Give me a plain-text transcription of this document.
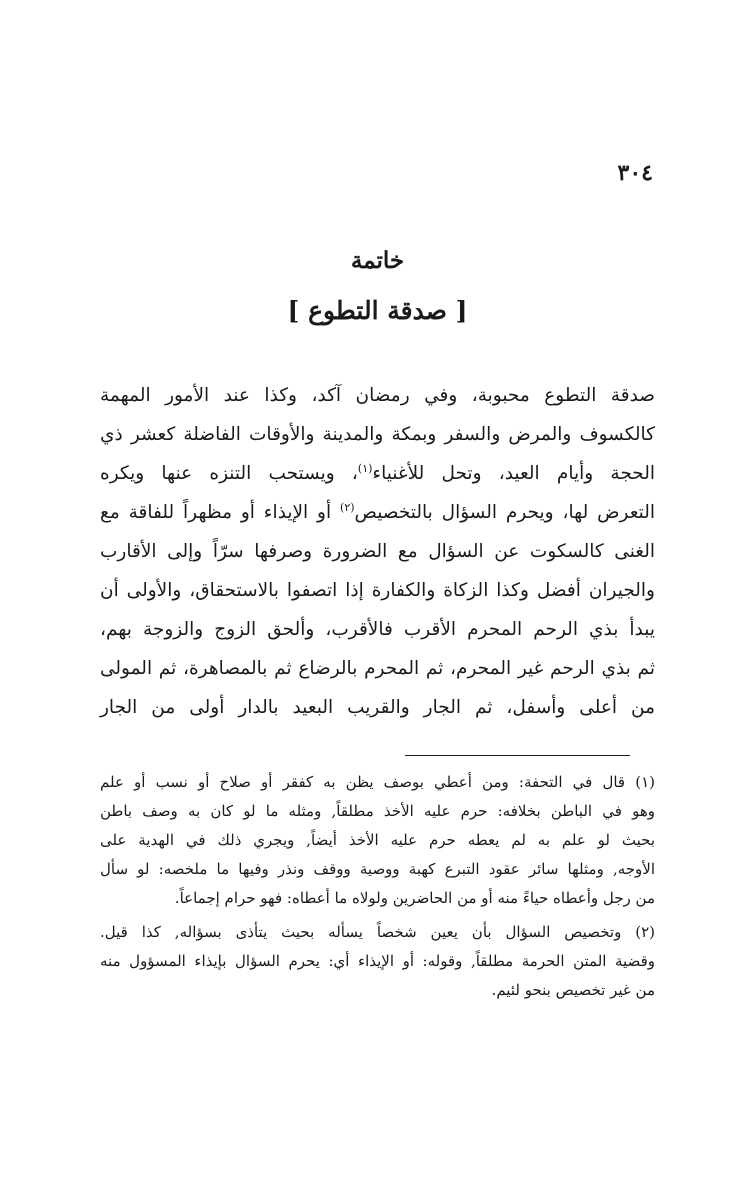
٣٠٤
خاتمة
[ صدقة التطوع ]
صدقة التطوع محبوبة، وفي رمضان آكد، وكذا عند الأمور المهمة
كالكسوف والمرض والسفر وبمكة والمدينة والأوقات الفاضلة كعشر ذي
الحجة وأيام العيد، وتحل للأغنياء$^{(١)}$، ويستحب التنزه عنها ويكره
التعرض لها، ويحرم السؤال بالتخصيص$^{(٢)}$ أو الإيذاء أو مظهراً للفاقة مع
الغنى كالسكوت عن السؤال مع الضرورة وصرفها سرّاً وإلى الأقارب
والجيران أفضل وكذا الزكاة والكفارة إذا اتصفوا بالاستحقاق، والأولى أن
يبدأ بذي الرحم المحرم الأقرب فالأقرب، وألحق الزوج والزوجة بهم،
ثم بذي الرحم غير المحرم، ثم المحرم بالرضاع ثم بالمصاهرة، ثم المولى
من أعلى وأسفل، ثم الجار والقريب البعيد بالدار أولى من الجار
(١) قال في التحفة: ومن أعطي بوصف يظن به كفقر أو صلاح أو نسب أو علم
وهو في الباطن بخلافه: حرم عليه الأخذ مطلقاً, ومثله ما لو كان به وصف باطن
بحيث لو علم به لم يعطه حرم عليه الأخذ أيضاً, ويجري ذلك في الهدية على
الأوجه, ومثلها سائر عقود التبرع كهبة ووصية ووقف ونذر وفيها ما ملخصه: لو سأل
من رجل وأعطاه حياءً منه أو من الحاضرين ولولاه ما أعطاه: فهو حرام إجماعاً.
(٢) وتخصيص السؤال بأن يعين شخصاً يسأله بحيث يتأذى بسؤاله, كذا قيل.
وقضية المتن الحرمة مطلقاً, وقوله: أو الإيذاء أي: يحرم السؤال بإيذاء المسؤول منه
من غير تخصيص بنحو لئيم.
